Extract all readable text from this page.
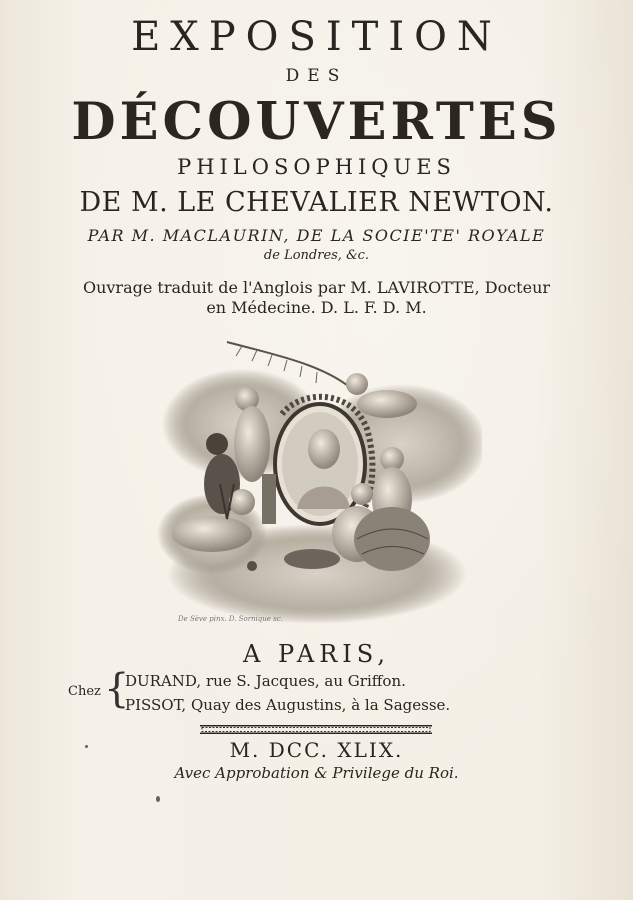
EXPOSITION
DES
DÉCOUVERTES
PHILOSOPHIQUES
DE M. LE CHEVALIER NEWTON.
PAR M. MACLAURIN, DE LA SOCIE'TE' ROYALE
de Londres, &c.
Ouvrage traduit de l'Anglois par M. LAVIROTTE, Docteur
en Médecine. D. L. F. D. M.
De Sève pinx. D. Sornique sc.
A PARIS,
Chez {
DURAND, rue S. Jacques, au Griffon.
PISSOT, Quay des Augustins, à la Sagesse.
M. DCC. XLIX.
Avec Approbation & Privilege du Roi.
